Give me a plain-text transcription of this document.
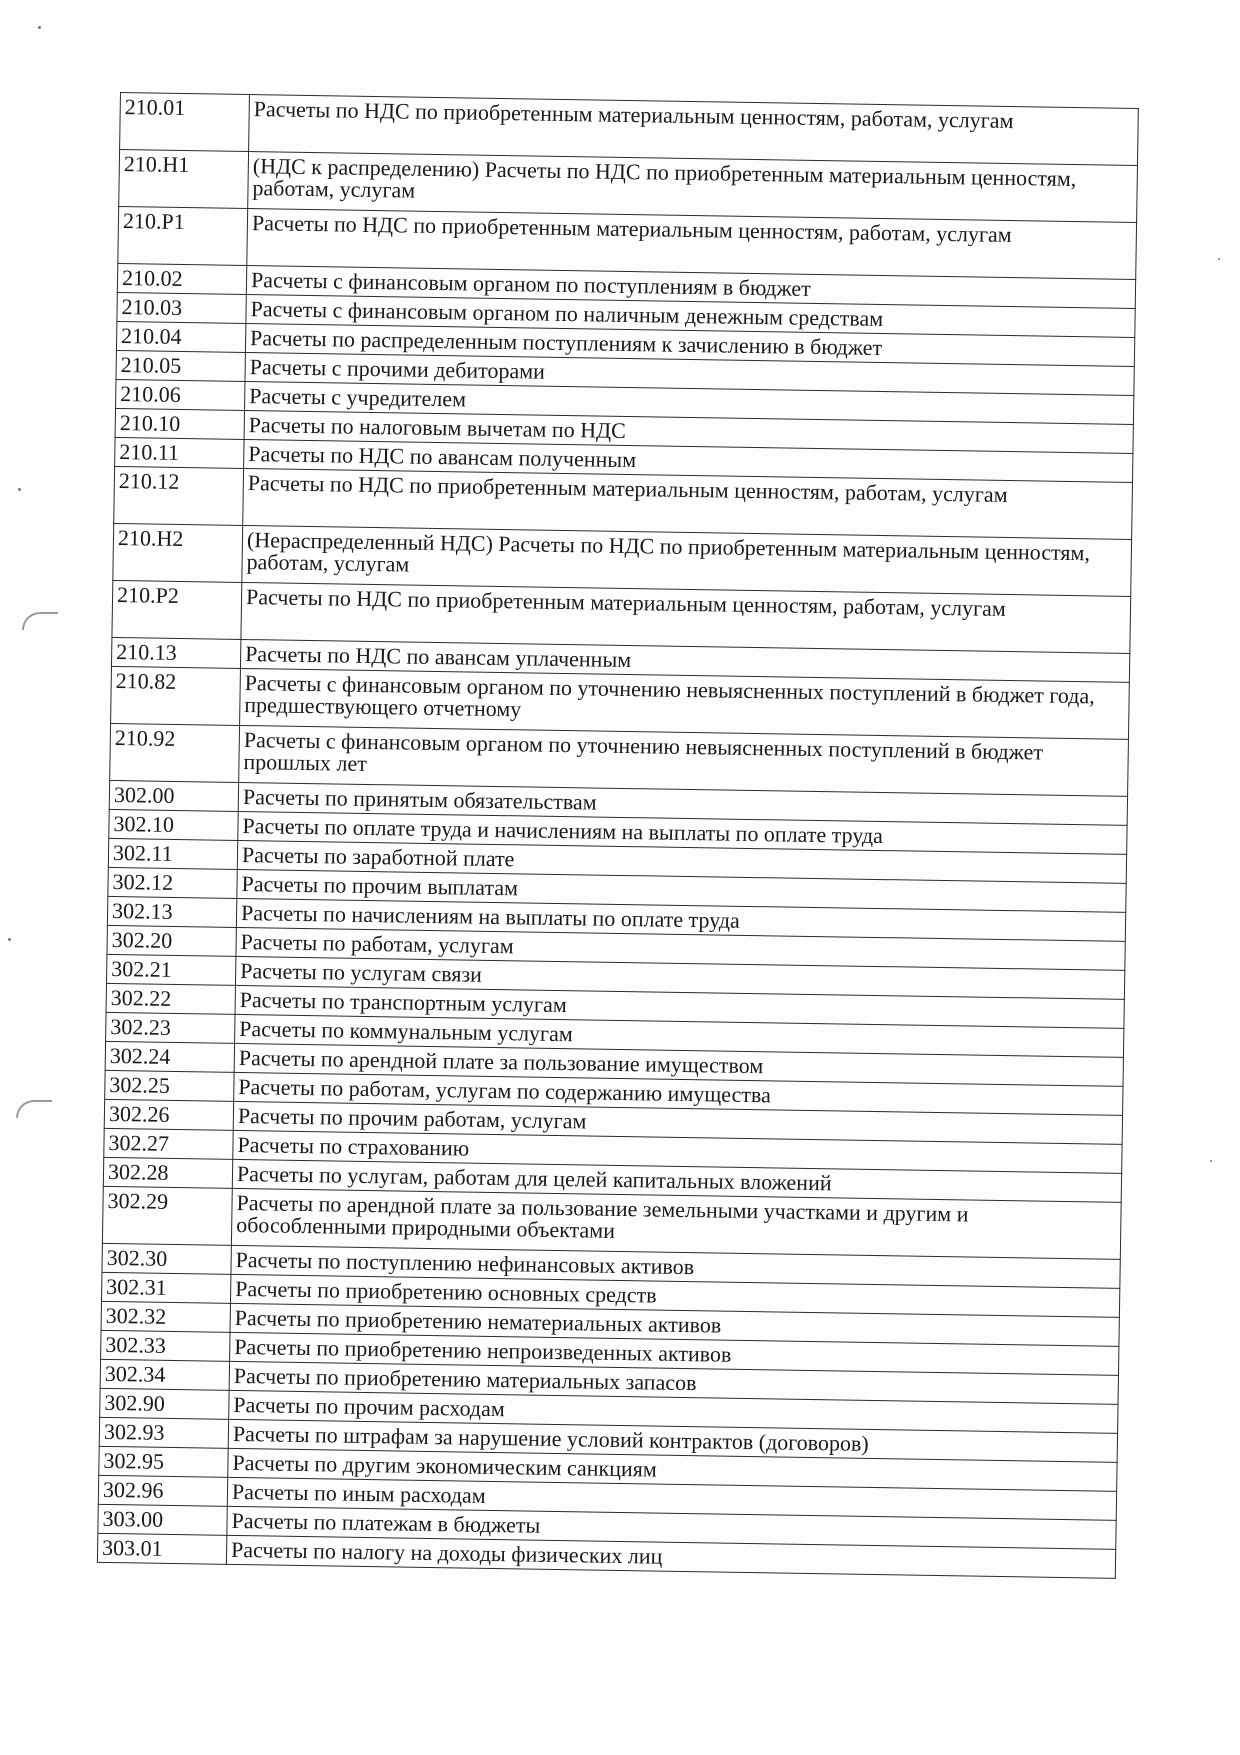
210.01	Расчеты по НДС по приобретенным материальным ценностям, работам, услугам
210.Н1	(НДС к распределению) Расчеты по НДС по приобретенным материальным ценностям, работам, услугам
210.Р1	Расчеты по НДС по приобретенным материальным ценностям, работам, услугам
210.02	Расчеты с финансовым органом по поступлениям в бюджет
210.03	Расчеты с финансовым органом по наличным денежным средствам
210.04	Расчеты по распределенным поступлениям к зачислению в бюджет
210.05	Расчеты с прочими дебиторами
210.06	Расчеты с учредителем
210.10	Расчеты по налоговым вычетам по НДС
210.11	Расчеты по НДС по авансам полученным
210.12	Расчеты по НДС по приобретенным материальным ценностям, работам, услугам
210.Н2	(Нераспределенный НДС) Расчеты по НДС по приобретенным материальным ценностям, работам, услугам
210.Р2	Расчеты по НДС по приобретенным материальным ценностям, работам, услугам
210.13	Расчеты по НДС по авансам уплаченным
210.82	Расчеты с финансовым органом по уточнению невыясненных поступлений в бюджет года, предшествующего отчетному
210.92	Расчеты с финансовым органом по уточнению невыясненных поступлений в бюджет прошлых лет
302.00	Расчеты по принятым обязательствам
302.10	Расчеты по оплате труда и начислениям на выплаты по оплате труда
302.11	Расчеты по заработной плате
302.12	Расчеты по прочим выплатам
302.13	Расчеты по начислениям на выплаты по оплате труда
302.20	Расчеты по работам, услугам
302.21	Расчеты по услугам связи
302.22	Расчеты по транспортным услугам
302.23	Расчеты по коммунальным услугам
302.24	Расчеты по арендной плате за пользование имуществом
302.25	Расчеты по работам, услугам по содержанию имущества
302.26	Расчеты по прочим работам, услугам
302.27	Расчеты по страхованию
302.28	Расчеты по услугам, работам для целей капитальных вложений
302.29	Расчеты по арендной плате за пользование земельными участками и другим и обособленными природными объектами
302.30	Расчеты по поступлению нефинансовых активов
302.31	Расчеты по приобретению основных средств
302.32	Расчеты по приобретению нематериальных активов
302.33	Расчеты по приобретению непроизведенных активов
302.34	Расчеты по приобретению материальных запасов
302.90	Расчеты по прочим расходам
302.93	Расчеты по штрафам за нарушение условий контрактов (договоров)
302.95	Расчеты по другим экономическим санкциям
302.96	Расчеты по иным расходам
303.00	Расчеты по платежам в бюджеты
303.01	Расчеты по налогу на доходы физических лиц
